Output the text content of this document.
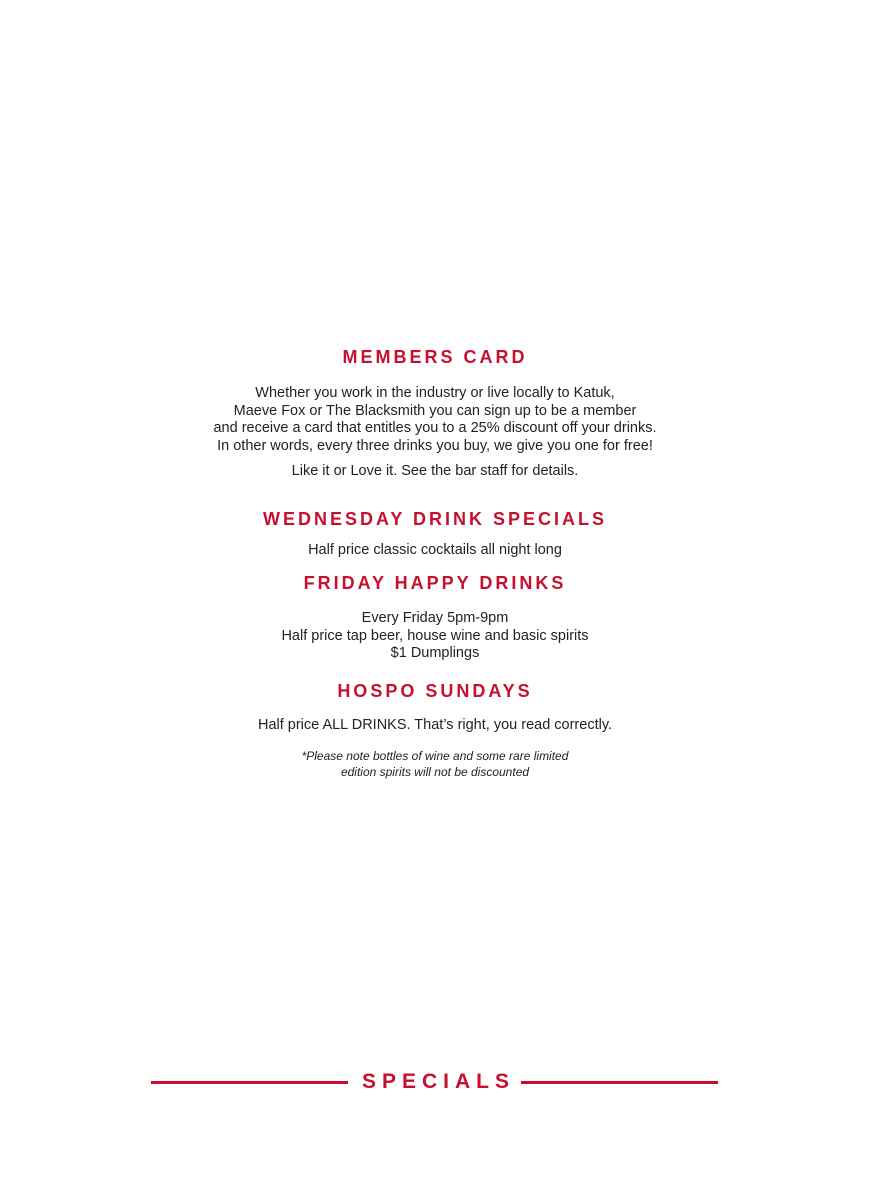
MEMBERS CARD

Whether you work in the industry or live locally to Katuk,
Maeve Fox or The Blacksmith you can sign up to be a member
and receive a card that entitles you to a 25% discount off your drinks.
In other words, every three drinks you buy, we give you one for free!

Like it or Love it. See the bar staff for details.

WEDNESDAY DRINK SPECIALS

Half price classic cocktails all night long

FRIDAY HAPPY DRINKS

Every Friday 5pm-9pm
Half price tap beer, house wine and basic spirits
$1 Dumplings

HOSPO SUNDAYS

Half price ALL DRINKS. That’s right, you read correctly.

*Please note bottles of wine and some rare limited
edition spirits will not be discounted

SPECIALS
